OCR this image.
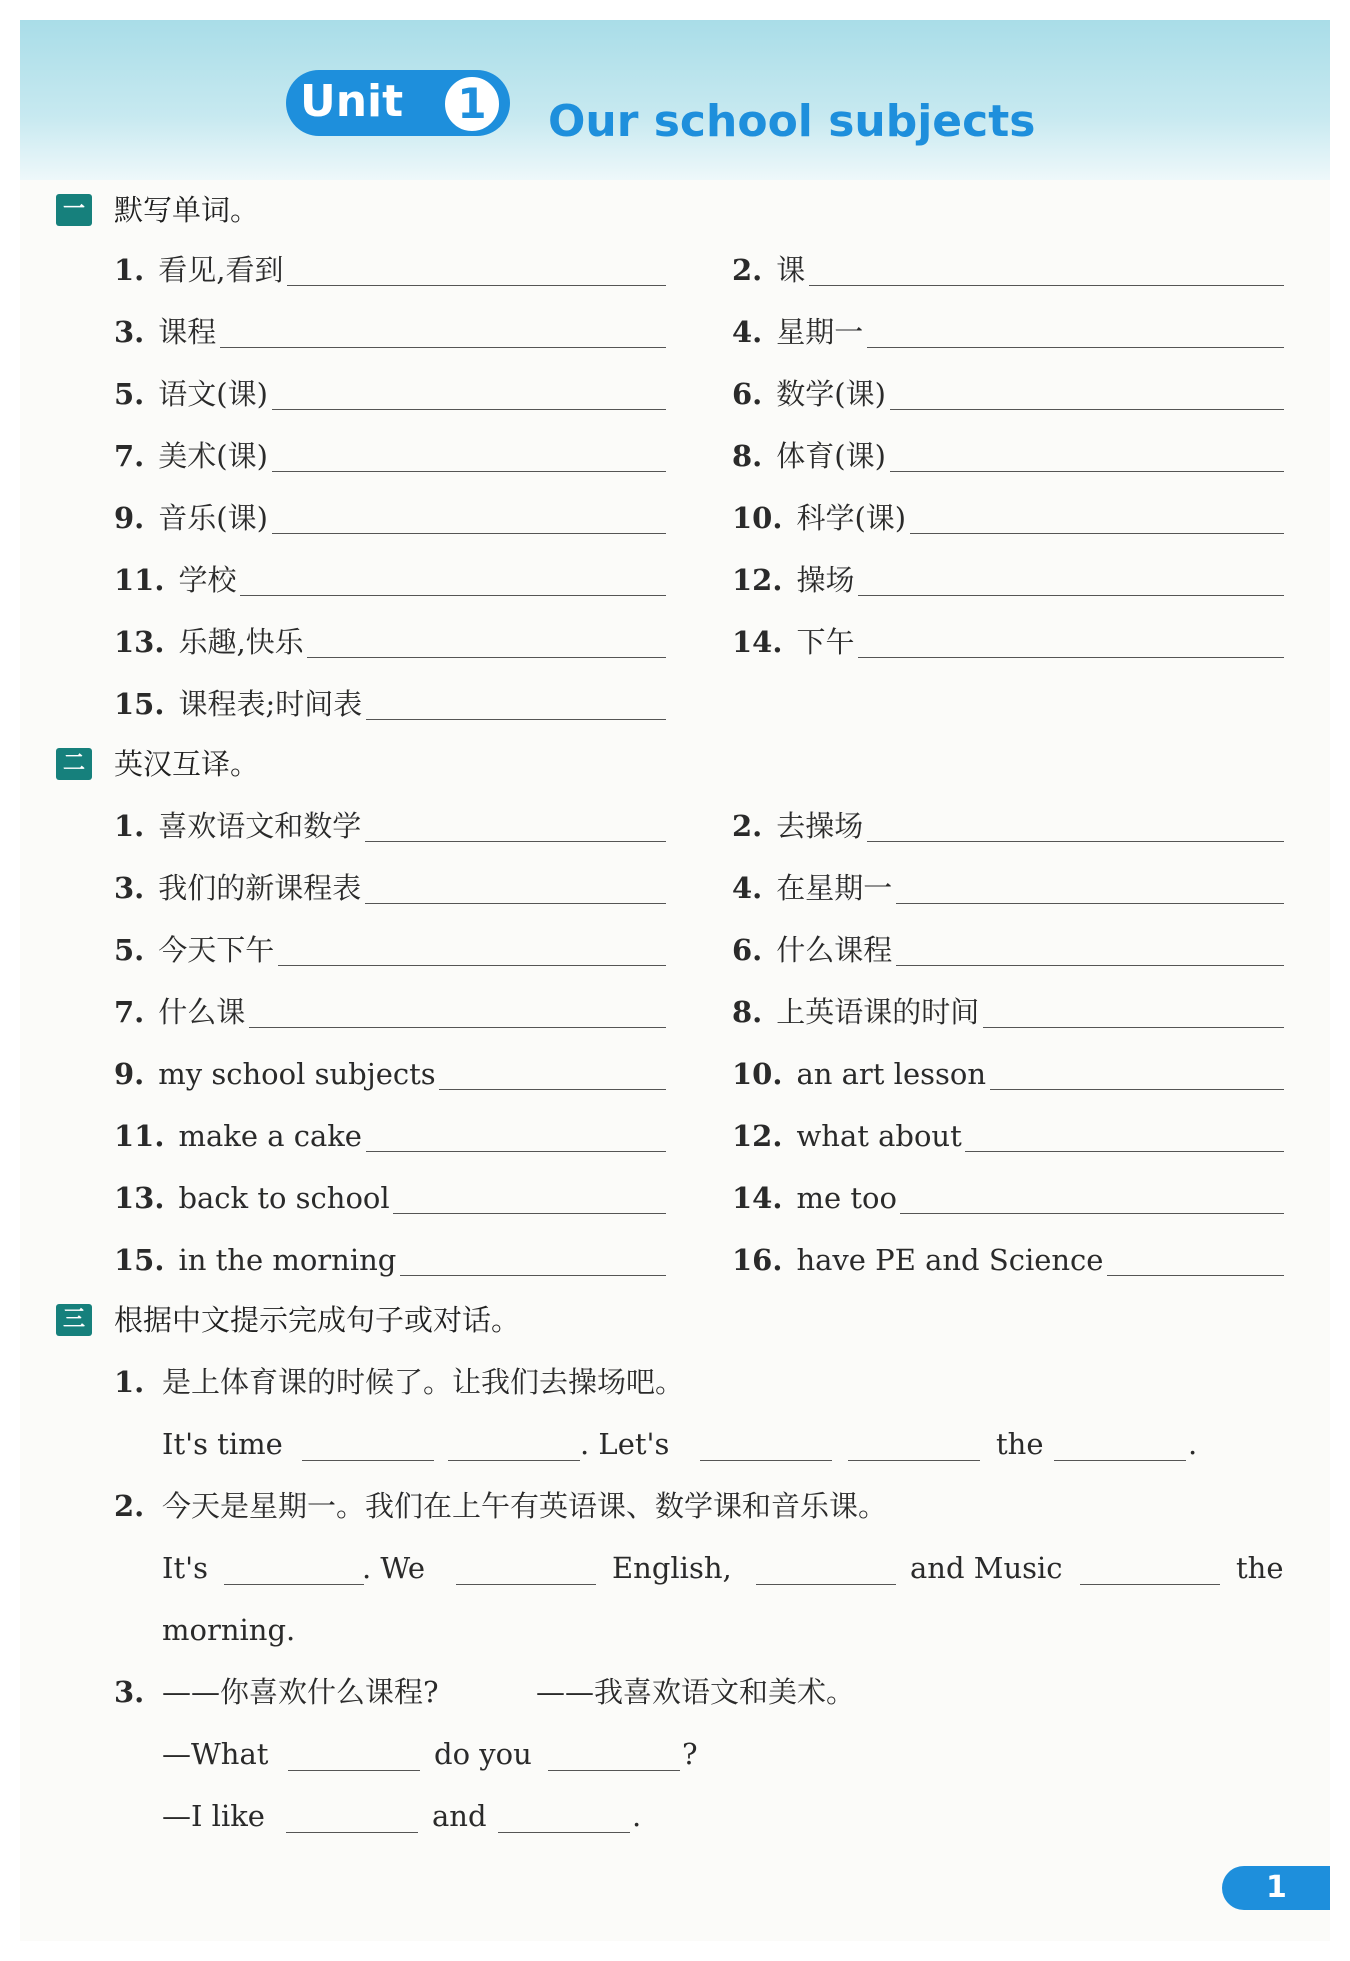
Unit	1	Our school subjects
一 默写单词。
1. 看见,看到	2. 课
3. 课程	4. 星期一
5. 语文(课)	6. 数学(课)
7. 美术(课)	8. 体育(课)
9. 音乐(课)	10. 科学(课)
11. 学校	12. 操场
13. 乐趣,快乐	14. 下午
15. 课程表;时间表
二 英汉互译。
1. 喜欢语文和数学	2. 去操场
3. 我们的新课程表	4. 在星期一
5. 今天下午	6. 什么课程
7. 什么课	8. 上英语课的时间
9. my school subjects	10. an art lesson
11. make a cake	12. what about
13. back to school	14. me too
15. in the morning	16. have PE and Science
三 根据中文提示完成句子或对话。
1. 是上体育课的时候了。让我们去操场吧。
It's time	. Let's	the	.
2. 今天是星期一。我们在上午有英语课、数学课和音乐课。
It's	. We	English,	and Music	the
morning.
3. ——你喜欢什么课程?	——我喜欢语文和美术。
—What	do you	?
—I like	and	.
1
